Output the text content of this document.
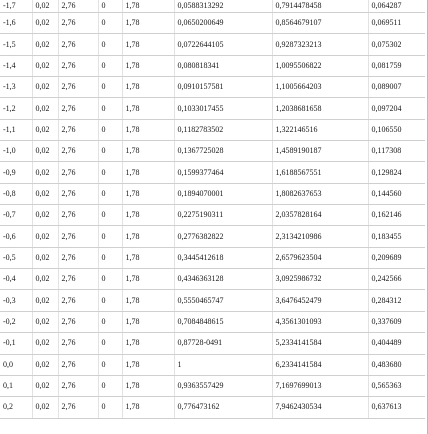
-1,7	0,02	2,76	0	1,78	0,0588313292	0,7914478458	0,064287
-1,6	0,02	2,76	0	1,78	0,0650200649	0,8564679107	0,069511
-1,5	0,02	2,76	0	1,78	0,0722644105	0,9287323213	0,075302
-1,4	0,02	2,76	0	1,78	0,080818341	1,0095506822	0,081759
-1,3	0,02	2,76	0	1,78	0,0910157581	1,1005664203	0,089007
-1,2	0,02	2,76	0	1,78	0,1033017455	1,2038681658	0,097204
-1,1	0,02	2,76	0	1,78	0,1182783502	1,322146516	0,106550
-1,0	0,02	2,76	0	1,78	0,1367725028	1,4589190187	0,117308
-0,9	0,02	2,76	0	1,78	0,1599377464	1,6188567551	0,129824
-0,8	0,02	2,76	0	1,78	0,1894070001	1,8082637653	0,144560
-0,7	0,02	2,76	0	1,78	0,2275190311	2,0357828164	0,162146
-0,6	0,02	2,76	0	1,78	0,2776382822	2,3134210986	0,183455
-0,5	0,02	2,76	0	1,78	0,3445412618	2,6579623504	0,209689
-0,4	0,02	2,76	0	1,78	0,4346363128	3,0925986732	0,242566
-0,3	0,02	2,76	0	1,78	0,5550465747	3,6476452479	0,284312
-0,2	0,02	2,76	0	1,78	0,7084848615	4,3561301093	0,337609
-0,1	0,02	2,76	0	1,78	0,87728-0491	5,2334141584	0,404489
0,0	0,02	2,76	0	1,78	1	6,2334141584	0,483680
0,1	0,02	2,76	0	1,78	0,9363557429	7,1697699013	0,565363
0,2	0,02	2,76	0	1,78	0,776473162	7,9462430534	0,637613
